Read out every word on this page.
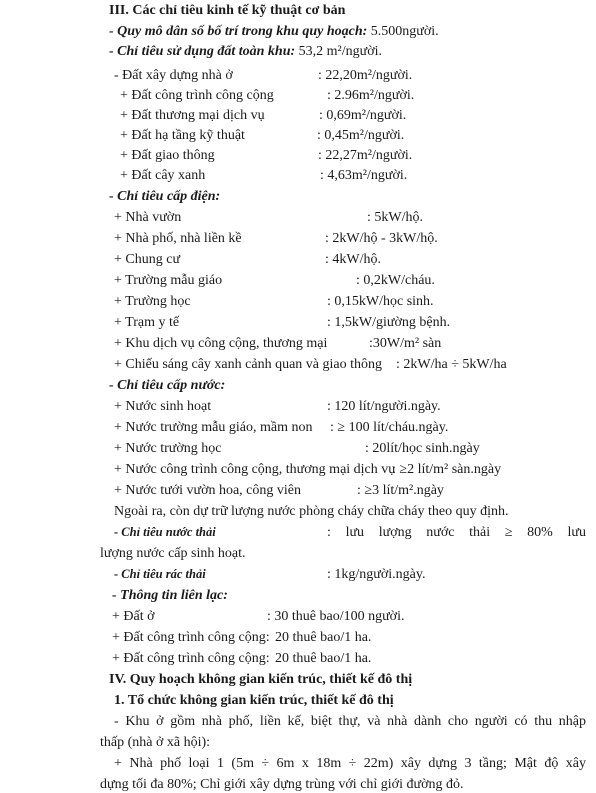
III. Các chỉ tiêu kinh tế kỹ thuật cơ bản
- Quy mô dân số bố trí trong khu quy hoạch: 5.500người.
- Chỉ tiêu sử dụng đất toàn khu: 53,2 m²/người.
- Đất xây dựng nhà ở	: 22,20m²/người.
+ Đất công trình công cộng	: 2.96m²/người.
+ Đất thương mại dịch vụ	: 0,69m²/người.
+ Đất hạ tầng kỹ thuật	: 0,45m²/người.
+ Đất giao thông	: 22,27m²/người.
+ Đất cây xanh	: 4,63m²/người.
- Chỉ tiêu cấp điện:
+ Nhà vườn	: 5kW/hộ.
+ Nhà phố, nhà liền kề	: 2kW/hộ - 3kW/hộ.
+ Chung cư	: 4kW/hộ.
+ Trường mẫu giáo	: 0,2kW/cháu.
+ Trường học	: 0,15kW/học sinh.
+ Trạm y tế	: 1,5kW/giường bệnh.
+ Khu dịch vụ công cộng, thương mại	:30W/m² sàn
+ Chiếu sáng cây xanh cảnh quan và giao thông : 2kW/ha ÷ 5kW/ha
- Chỉ tiêu cấp nước:
+ Nước sinh hoạt	: 120 lít/người.ngày.
+ Nước trường mẫu giáo, mầm non : ≥ 100 lít/cháu.ngày.
+ Nước trường học	: 20lít/học sinh.ngày
+ Nước công trình công cộng, thương mại dịch vụ
: ≥2 lít/m² sàn.ngày
+ Nước tưới vườn hoa, công viên	: ≥3 lít/m².ngày
Ngoài ra, còn dự trữ lượng nước phòng cháy chữa cháy theo quy định.
- Chỉ tiêu nước thải	: lưu lượng nước thải ≥ 80% lưu
lượng nước cấp sinh hoạt.
- Chỉ tiêu rác thải	: 1kg/người.ngày.
- Thông tin liên lạc:
+ Đất ở	: 30 thuê bao/100 người.
+ Đất công trình công cộng: 20 thuê bao/1 ha.
+ Đất công trình công cộng: 20 thuê bao/1 ha.
IV. Quy hoạch không gian kiến trúc, thiết kế đô thị
1. Tổ chức không gian kiến trúc, thiết kế đô thị
- Khu ở gồm nhà phố, liền kế, biệt thự, và nhà dành cho người có thu nhập
thấp (nhà ở xã hội):
+ Nhà phố loại 1 (5m ÷ 6m x 18m ÷ 22m) xây dựng 3 tầng; Mật độ xây
dựng tối đa 80%; Chỉ giới xây dựng trùng với chỉ giới đường đỏ.
